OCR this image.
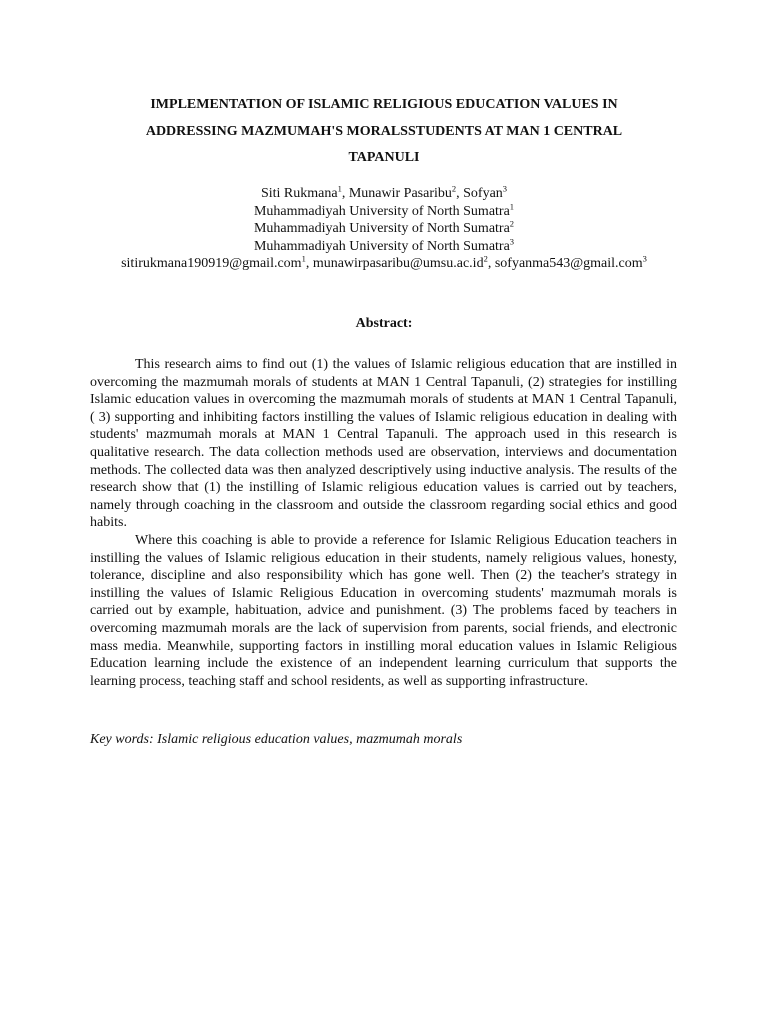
IMPLEMENTATION OF ISLAMIC RELIGIOUS EDUCATION VALUES IN
ADDRESSING MAZMUMAH'S MORALSSTUDENTS AT MAN 1 CENTRAL
TAPANULI
Siti Rukmana$^1$, Munawir Pasaribu$^2$, Sofyan$^3$
Muhammadiyah University of North Sumatra$^1$
Muhammadiyah University of North Sumatra$^2$
Muhammadiyah University of North Sumatra$^3$
sitirukmana190919@gmail.com$^1$, $munawirpasaribu@umsu.ac.id^2$, sofyanma543@gmail.com$^3$
Abstract:

This research aims to find out (1) the values of Islamic religious education that are instilled in overcoming the mazmumah morals of students at MAN 1 Central Tapanuli, (2) strategies for instilling Islamic education values in overcoming the mazmumah morals of students at MAN 1 Central Tapanuli, ( 3) supporting and inhibiting factors instilling the values of Islamic religious education in dealing with students' mazmumah morals at MAN 1 Central Tapanuli. The approach used in this research is qualitative research. The data collection methods used are observation, interviews and documentation methods. The collected data was then analyzed descriptively using inductive analysis. The results of the research show that (1) the instilling of Islamic religious education values is carried out by teachers, namely through coaching in the classroom and outside the classroom regarding social ethics and good habits.

Where this coaching is able to provide a reference for Islamic Religious Education teachers in instilling the values of Islamic religious education in their students, namely religious values, honesty, tolerance, discipline and also responsibility which has gone well. Then (2) the teacher's strategy in instilling the values of Islamic Religious Education in overcoming students' mazmumah morals is carried out by example, habituation, advice and punishment. (3) The problems faced by teachers in overcoming mazmumah morals are the lack of supervision from parents, social friends, and electronic mass media. Meanwhile, supporting factors in instilling moral education values in Islamic Religious Education learning include the existence of an independent learning curriculum that supports the learning process, teaching staff and school residents, as well as supporting infrastructure.

Key words: Islamic religious education values, mazmumah morals
